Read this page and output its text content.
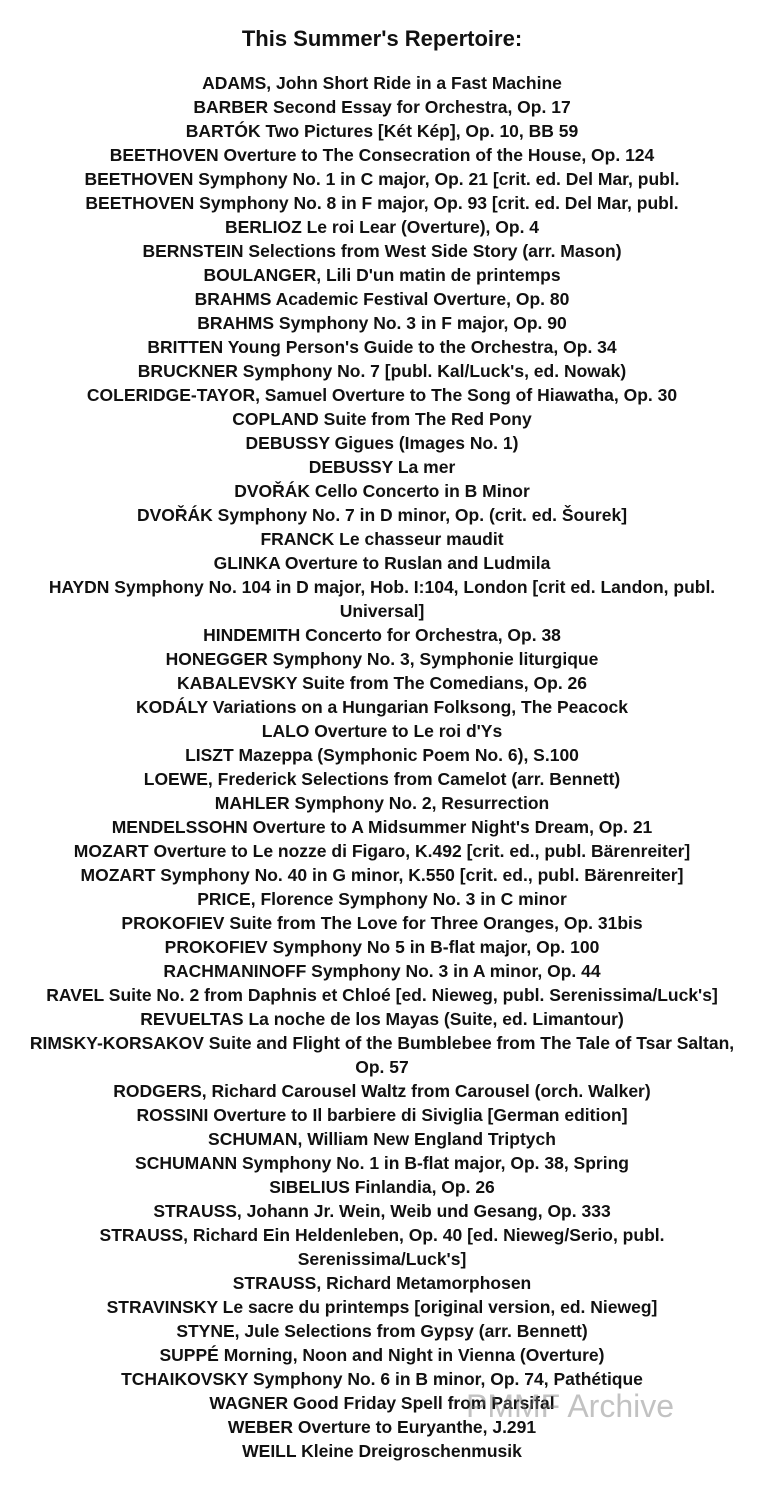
This Summer's Repertoire:
ADAMS, John Short Ride in a Fast Machine
BARBER Second Essay for Orchestra, Op. 17
BARTÓK Two Pictures [Két Kép], Op. 10, BB 59
BEETHOVEN Overture to The Consecration of the House, Op. 124
BEETHOVEN Symphony No. 1 in C major, Op. 21 [crit. ed. Del Mar, publ.
BEETHOVEN Symphony No. 8 in F major, Op. 93 [crit. ed. Del Mar, publ.
BERLIOZ Le roi Lear (Overture), Op. 4
BERNSTEIN Selections from West Side Story (arr. Mason)
BOULANGER, Lili D'un matin de printemps
BRAHMS Academic Festival Overture, Op. 80
BRAHMS Symphony No. 3 in F major, Op. 90
BRITTEN Young Person's Guide to the Orchestra, Op. 34
BRUCKNER Symphony No. 7 [publ. Kal/Luck's, ed. Nowak)
COLERIDGE-TAYOR, Samuel Overture to The Song of Hiawatha, Op. 30
COPLAND Suite from The Red Pony
DEBUSSY Gigues (Images No. 1)
DEBUSSY La mer
DVOŘÁK Cello Concerto in B Minor
DVOŘÁK Symphony No. 7 in D minor, Op. (crit. ed. Šourek]
FRANCK Le chasseur maudit
GLINKA Overture to Ruslan and Ludmila
HAYDN Symphony No. 104 in D major, Hob. I:104, London [crit ed. Landon, publ. Universal]
HINDEMITH Concerto for Orchestra, Op. 38
HONEGGER Symphony No. 3, Symphonie liturgique
KABALEVSKY Suite from The Comedians, Op. 26
KODÁLY Variations on a Hungarian Folksong, The Peacock
LALO Overture to Le roi d'Ys
LISZT Mazeppa (Symphonic Poem No. 6), S.100
LOEWE, Frederick Selections from Camelot (arr. Bennett)
MAHLER Symphony No. 2, Resurrection
MENDELSSOHN Overture to A Midsummer Night's Dream, Op. 21
MOZART Overture to Le nozze di Figaro, K.492 [crit. ed., publ. Bärenreiter]
MOZART Symphony No. 40 in G minor, K.550 [crit. ed., publ. Bärenreiter]
PRICE, Florence Symphony No. 3 in C minor
PROKOFIEV Suite from The Love for Three Oranges, Op. 31bis
PROKOFIEV Symphony No 5 in B-flat major, Op. 100
RACHMANINOFF Symphony No. 3 in A minor, Op. 44
RAVEL Suite No. 2 from Daphnis et Chloé [ed. Nieweg, publ. Serenissima/Luck's]
REVUELTAS La noche de los Mayas (Suite, ed. Limantour)
RIMSKY-KORSAKOV Suite and Flight of the Bumblebee from The Tale of Tsar Saltan, Op. 57
RODGERS, Richard Carousel Waltz from Carousel (orch. Walker)
ROSSINI Overture to Il barbiere di Siviglia [German edition]
SCHUMAN, William New England Triptych
SCHUMANN Symphony No. 1 in B-flat major, Op. 38, Spring
SIBELIUS Finlandia, Op. 26
STRAUSS, Johann Jr. Wein, Weib und Gesang, Op. 333
STRAUSS, Richard Ein Heldenleben, Op. 40 [ed. Nieweg/Serio, publ. Serenissima/Luck's]
STRAUSS, Richard Metamorphosen
STRAVINSKY Le sacre du printemps [original version, ed. Nieweg]
STYNE, Jule Selections from Gypsy (arr. Bennett)
SUPPÉ Morning, Noon and Night in Vienna (Overture)
TCHAIKOVSKY Symphony No. 6 in B minor, Op. 74, Pathétique
WAGNER Good Friday Spell from Parsifal
WEBER Overture to Euryanthe, J.291
WEILL Kleine Dreigroschenmusik
PMMF Archive
